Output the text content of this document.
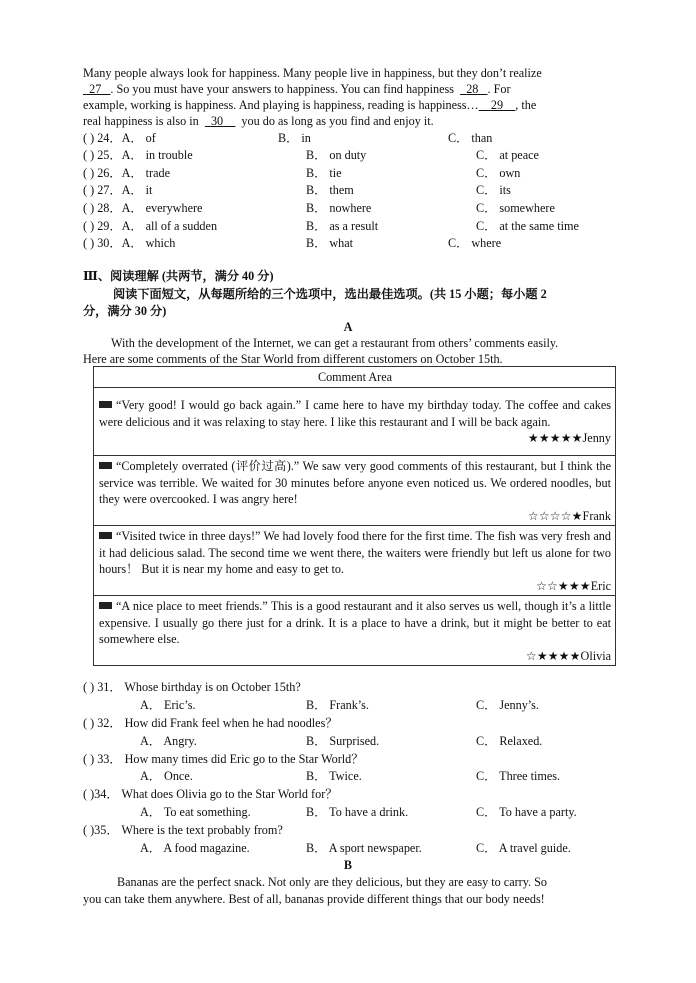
Many people always look for happiness. Many people live in happiness, but they don’t realize
27 . So you must have your answers to happiness. You can find happiness 28 . For
example, working is happiness. And playing is happiness, reading is happiness… 29 , the
real happiness is also in 30 you do as long as you find and enjoy it.
( ) 24．A． of	B． in	C． than
( ) 25．A． in trouble	B． on duty	C． at peace
( ) 26．A． trade	B． tie	C． own
( ) 27．A． it	B． them	C． its
( ) 28．A． everywhere	B． nowhere	C． somewhere
( ) 29．A． all of a sudden	B． as a result	C． at the same time
( ) 30．A． which	B． what	C． where
Ⅲ、阅读理解 (共两节，满分 40 分)
阅读下面短文，从每题所给的三个选项中，选出最佳选项。(共 15 小题；每小题 2
分，满分 30 分)
A
With the development of the Internet, we can get a restaurant from others’ comments easily.
Here are some comments of the Star World from different customers on October 15th.
Comment Area
“Very good! I would go back again.” I came here to have my birthday today. The coffee and cakes were delicious and it was relaxing to stay here. I like this restaurant and I will be back again.
★★★★★Jenny

“Completely overrated (评价过高).” We saw very good comments of this restaurant, but I think the service was terrible. We waited for 30 minutes before anyone even noticed us. We ordered noodles, but they were overcooked. I was angry here!
☆☆☆☆★Frank

“Visited twice in three days!” We had lovely food there for the first time. The fish was very fresh and it had delicious salad. The second time we went there, the waiters were friendly but left us alone for two hours！ But it is near my home and easy to get to.
☆☆★★★Eric

“A nice place to meet friends.” This is a good restaurant and it also serves us well, though it’s a little expensive. I usually go there just for a drink. It is a place to have a drink, but it might be better to eat somewhere else.
☆★★★★Olivia
( ) 31． Whose birthday is on October 15th?
A． Eric’s.	B． Frank’s.	C． Jenny’s.
( ) 32． How did Frank feel when he had noodles？
A． Angry.	B． Surprised.	C． Relaxed.
( ) 33． How many times did Eric go to the Star World？
A． Once.	B． Twice.	C． Three times.
( )34． What does Olivia go to the Star World for？
A． To eat something.	B． To have a drink.	C． To have a party.
( )35． Where is the text probably from?
A． A food magazine.	B． A sport newspaper.	C． A travel guide.
B
Bananas are the perfect snack. Not only are they delicious, but they are easy to carry. So
you can take them anywhere. Best of all, bananas provide different things that our body needs!
